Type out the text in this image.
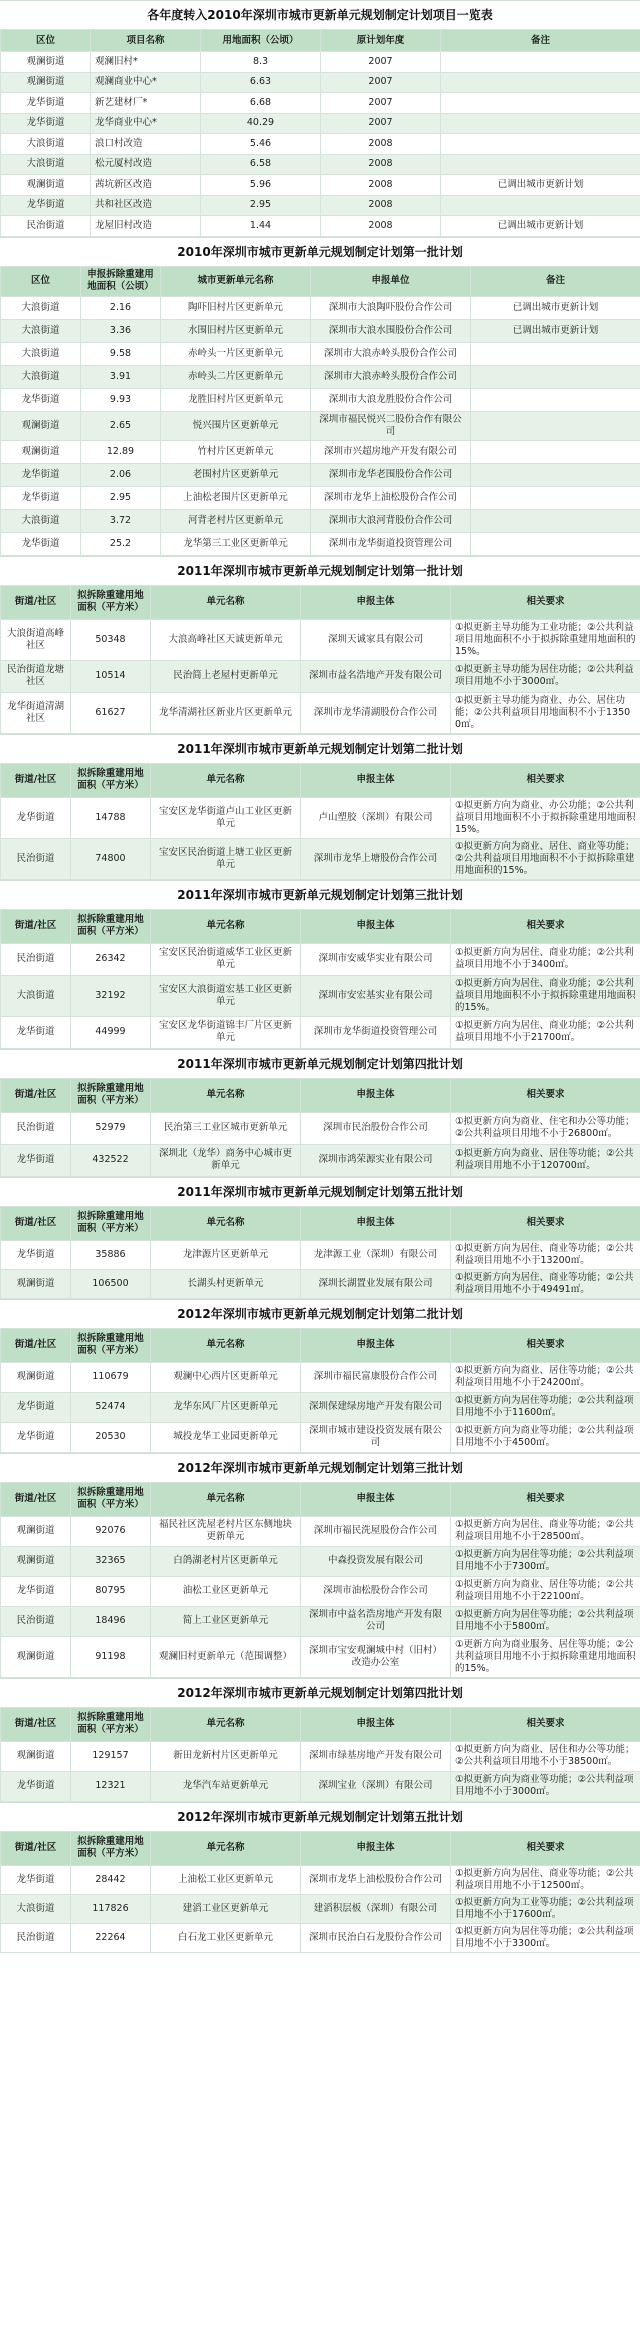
各年度转入2010年深圳市城市更新单元规划制定计划项目一览表
区位	项目名称	用地面积（公顷）	原计划年度	备注
观澜街道	观澜旧村*	8.3	2007	
观澜街道	观澜商业中心*	6.63	2007	
龙华街道	新艺建材厂*	6.68	2007	
龙华街道	龙华商业中心*	40.29	2007	
大浪街道	浪口村改造	5.46	2008	
大浪街道	松元厦村改造	6.58	2008	
观澜街道	茜坑新区改造	5.96	2008	已调出城市更新计划
龙华街道	共和社区改造	2.95	2008	
民治街道	龙屋旧村改造	1.44	2008	已调出城市更新计划
2010年深圳市城市更新单元规划制定计划第一批计划
区位	申报拆除重建用地面积（公顷）	城市更新单元名称	申报单位	备注
大浪街道	2.16	陶吓旧村片区更新单元	深圳市大浪陶吓股份合作公司	已调出城市更新计划
大浪街道	3.36	水围旧村片区更新单元	深圳市大浪水围股份合作公司	已调出城市更新计划
大浪街道	9.58	赤岭头一片区更新单元	深圳市大浪赤岭头股份合作公司	
大浪街道	3.91	赤岭头二片区更新单元	深圳市大浪赤岭头股份合作公司	
龙华街道	9.93	龙胜旧村片区更新单元	深圳市大浪龙胜股份合作公司	
观澜街道	2.65	悦兴围片区更新单元	深圳市福民悦兴二股份合作有限公司	
观澜街道	12.89	竹村片区更新单元	深圳市兴超房地产开发有限公司	
龙华街道	2.06	老围村片区更新单元	深圳市龙华老围股份合作公司	
龙华街道	2.95	上油松老围片区更新单元	深圳市龙华上油松股份合作公司	
大浪街道	3.72	河背老村片区更新单元	深圳市大浪河背股份合作公司	
龙华街道	25.2	龙华第三工业区更新单元	深圳市龙华街道投资管理公司	
2011年深圳市城市更新单元规划制定计划第一批计划
街道/社区	拟拆除重建用地面积（平方米）	单元名称	申报主体	相关要求
大浪街道高峰社区	50348	大浪高峰社区天诚更新单元	深圳天诚家具有限公司	①拟更新主导功能为工业功能；②公共利益项目用地面积不小于拟拆除重建用地面积的15%。
民治街道龙塘社区	10514	民治简上老屋村更新单元	深圳市益名浩地产开发有限公司	①拟更新主导功能为居住功能；②公共利益项目用地不小于3000㎡。
龙华街道清湖社区	61627	龙华清湖社区新业片区更新单元	深圳市龙华清湖股份合作公司	①拟更新主导功能为商业、办公、居住功能；②公共利益项目用地面积不小于13500㎡。
2011年深圳市城市更新单元规划制定计划第二批计划
街道/社区	拟拆除重建用地面积（平方米）	单元名称	申报主体	相关要求
龙华街道	14788	宝安区龙华街道卢山工业区更新单元	卢山塑胶（深圳）有限公司	①拟更新方向为商业、办公功能；②公共利益项目用地面积不小于拟拆除重建用地面积15%。
民治街道	74800	宝安区民治街道上塘工业区更新单元	深圳市龙华上塘股份合作公司	①拟更新方向为商业、居住、商业等功能；②公共利益项目用地面积不小于拟拆除重建用地面积的15%。
2011年深圳市城市更新单元规划制定计划第三批计划
街道/社区	拟拆除重建用地面积（平方米）	单元名称	申报主体	相关要求
民治街道	26342	宝安区民治街道威华工业区更新单元	深圳市安威华实业有限公司	①拟更新方向为居住、商业功能；②公共利益项目用地不小于3400㎡。
大浪街道	32192	宝安区大浪街道宏基工业区更新单元	深圳市安宏基实业有限公司	①拟更新方向为居住、商业功能；②公共利益项目用地面积不小于拟拆除重建用地面积的15%。
龙华街道	44999	宝安区龙华街道锦丰厂片区更新单元	深圳市龙华街道投资管理公司	①拟更新方向为居住、商业功能；②公共利益项目用地不小于21700㎡。
2011年深圳市城市更新单元规划制定计划第四批计划
街道/社区	拟拆除重建用地面积（平方米）	单元名称	申报主体	相关要求
民治街道	52979	民治第三工业区城市更新单元	深圳市民治股份合作公司	①拟更新方向为商业、住宅和办公等功能；②公共利益项目用地不小于26800㎡。
龙华街道	432522	深圳北（龙华）商务中心城市更新单元	深圳市鸿荣源实业有限公司	①拟更新方向为商业、居住等功能；②公共利益项目用地不小于120700㎡。
2011年深圳市城市更新单元规划制定计划第五批计划
街道/社区	拟拆除重建用地面积（平方米）	单元名称	申报主体	相关要求
龙华街道	35886	龙津源片区更新单元	龙津源工业（深圳）有限公司	①拟更新方向为居住、商业等功能；②公共利益项目用地不小于13200㎡。
观澜街道	106500	长湖头村更新单元	深圳长湖置业发展有限公司	①拟更新方向为居住、商业等功能；②公共利益项目用地不小于49491㎡。
2012年深圳市城市更新单元规划制定计划第二批计划
街道/社区	拟拆除重建用地面积（平方米）	单元名称	申报主体	相关要求
观澜街道	110679	观澜中心西片区更新单元	深圳市福民富康股份合作公司	①拟更新方向为商业、居住等功能；②公共利益项目用地不小于24200㎡。
龙华街道	52474	龙华东风厂片区更新单元	深圳保建绿房地产开发有限公司	①拟更新方向为居住等功能；②公共利益项目用地不小于11600㎡。
龙华街道	20530	城投龙华工业园更新单元	深圳市城市建设投资发展有限公司	①拟更新方向为商业等功能；②公共利益项目用地不小于4500㎡。
2012年深圳市城市更新单元规划制定计划第三批计划
街道/社区	拟拆除重建用地面积（平方米）	单元名称	申报主体	相关要求
观澜街道	92076	福民社区洗屋老村片区东侧地块更新单元	深圳市福民洗屋股份合作公司	①拟更新方向为居住、商业等功能；②公共利益项目用地不小于28500㎡。
观澜街道	32365	白鸽湖老村片区更新单元	中森投资发展有限公司	①拟更新方向为居住等功能；②公共利益项目用地不小于7300㎡。
龙华街道	80795	油松工业区更新单元	深圳市油松股份合作公司	①拟更新方向为商业、居住等功能；②公共利益项目用地不小于22100㎡。
民治街道	18496	简上工业区更新单元	深圳市中益名浩房地产开发有限公司	①拟更新方向为居住等功能；②公共利益项目用地不小于5800㎡。
观澜街道	91198	观澜旧村更新单元（范围调整）	深圳市宝安观澜城中村（旧村）改造办公室	①更新方向为商业服务、居住等功能；②公共利益项目用地不小于拟拆除重建用地面积的15%。
2012年深圳市城市更新单元规划制定计划第四批计划
街道/社区	拟拆除重建用地面积（平方米）	单元名称	申报主体	相关要求
观澜街道	129157	新田龙新村片区更新单元	深圳市绿基房地产开发有限公司	①拟更新方向为商业、居住和办公等功能；②公共利益项目用地不小于38500㎡。
龙华街道	12321	龙华汽车站更新单元	深圳宝业（深圳）有限公司	①拟更新方向为商业等功能；②公共利益项目用地不小于3000㎡。
2012年深圳市城市更新单元规划制定计划第五批计划
街道/社区	拟拆除重建用地面积（平方米）	单元名称	申报主体	相关要求
龙华街道	28442	上油松工业区更新单元	深圳市龙华上油松股份合作公司	①拟更新方向为居住、商业等功能；②公共利益项目用地不小于12500㎡。
大浪街道	117826	建滔工业区更新单元	建滔积层板（深圳）有限公司	①拟更新方向为工业等功能；②公共利益项目用地不小于17600㎡。
民治街道	22264	白石龙工业区更新单元	深圳市民治白石龙股份合作公司	①拟更新方向为居住等功能；②公共利益项目用地不小于3300㎡。
